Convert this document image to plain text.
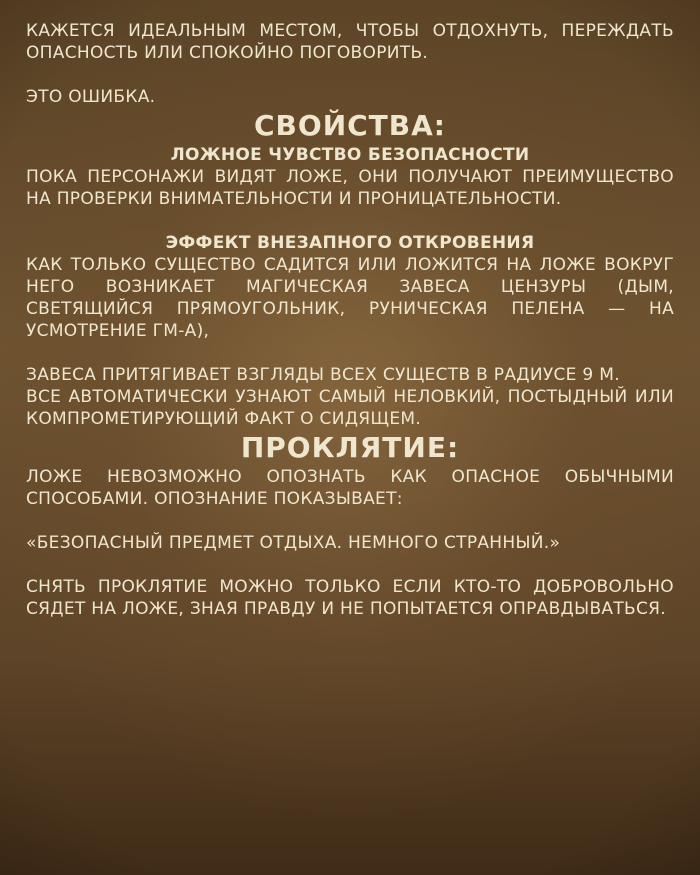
КАЖЕТСЯ ИДЕАЛЬНЫМ МЕСТОМ, ЧТОБЫ ОТДОХНУТЬ, ПЕРЕЖДАТЬ ОПАСНОСТЬ ИЛИ СПОКОЙНО ПОГОВОРИТЬ.

ЭТО ОШИБКА.

СВОЙСТВА:
ЛОЖНОЕ ЧУВСТВО БЕЗОПАСНОСТИ

ПОКА ПЕРСОНАЖИ ВИДЯТ ЛОЖЕ, ОНИ ПОЛУЧАЮТ ПРЕИМУЩЕСТВО НА ПРОВЕРКИ ВНИМАТЕЛЬНОСТИ И ПРОНИЦАТЕЛЬНОСТИ.

ЭФФЕКТ ВНЕЗАПНОГО ОТКРОВЕНИЯ

КАК ТОЛЬКО СУЩЕСТВО САДИТСЯ ИЛИ ЛОЖИТСЯ НА ЛОЖЕ ВОКРУГ НЕГО ВОЗНИКАЕТ МАГИЧЕСКАЯ ЗАВЕСА ЦЕНЗУРЫ (ДЫМ, СВЕТЯЩИЙСЯ ПРЯМОУГОЛЬНИК, РУНИЧЕСКАЯ ПЕЛЕНА — НА УСМОТРЕНИЕ ГМ-А),

ЗАВЕСА ПРИТЯГИВАЕТ ВЗГЛЯДЫ ВСЕХ СУЩЕСТВ В РАДИУСЕ 9 М.

ВСЕ АВТОМАТИЧЕСКИ УЗНАЮТ САМЫЙ НЕЛОВКИЙ, ПОСТЫДНЫЙ ИЛИ КОМПРОМЕТИРУЮЩИЙ ФАКТ О СИДЯЩЕМ.

ПРОКЛЯТИЕ:

ЛОЖЕ НЕВОЗМОЖНО ОПОЗНАТЬ КАК ОПАСНОЕ ОБЫЧНЫМИ СПОСОБАМИ. ОПОЗНАНИЕ ПОКАЗЫВАЕТ:

«БЕЗОПАСНЫЙ ПРЕДМЕТ ОТДЫХА. НЕМНОГО СТРАННЫЙ.»

СНЯТЬ ПРОКЛЯТИЕ МОЖНО ТОЛЬКО ЕСЛИ КТО-ТО ДОБРОВОЛЬНО СЯДЕТ НА ЛОЖЕ, ЗНАЯ ПРАВДУ И НЕ ПОПЫТАЕТСЯ ОПРАВДЫВАТЬСЯ.
